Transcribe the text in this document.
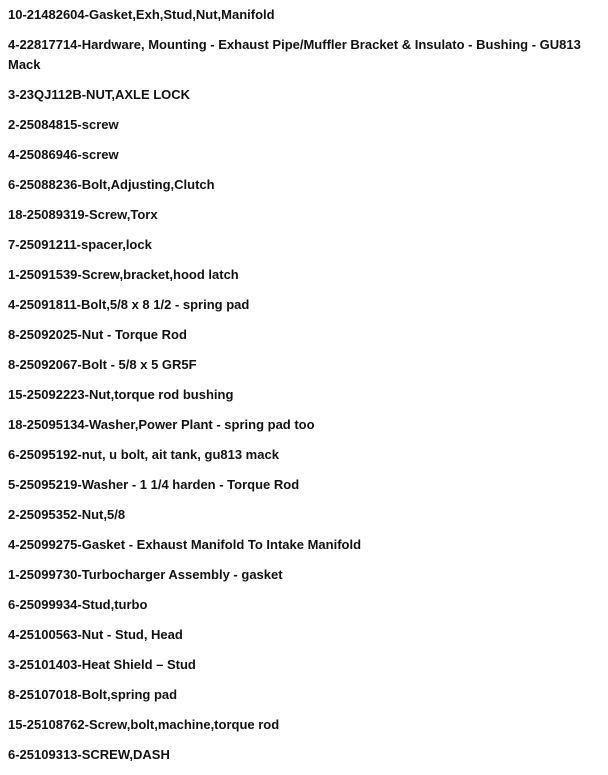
10-21482604-Gasket,Exh,Stud,Nut,Manifold
4-22817714-Hardware, Mounting - Exhaust Pipe/Muffler Bracket & Insulato - Bushing - GU813 Mack
3-23QJ112B-NUT,AXLE LOCK
2-25084815-screw
4-25086946-screw
6-25088236-Bolt,Adjusting,Clutch
18-25089319-Screw,Torx
7-25091211-spacer,lock
1-25091539-Screw,bracket,hood latch
4-25091811-Bolt,5/8 x 8 1/2 - spring pad
8-25092025-Nut - Torque Rod
8-25092067-Bolt - 5/8 x 5 GR5F
15-25092223-Nut,torque rod bushing
18-25095134-Washer,Power Plant - spring pad too
6-25095192-nut, u bolt, ait tank, gu813 mack
5-25095219-Washer - 1 1/4 harden - Torque Rod
2-25095352-Nut,5/8
4-25099275-Gasket - Exhaust Manifold To Intake Manifold
1-25099730-Turbocharger Assembly - gasket
6-25099934-Stud,turbo
4-25100563-Nut - Stud, Head
3-25101403-Heat Shield – Stud
8-25107018-Bolt,spring pad
15-25108762-Screw,bolt,machine,torque rod
6-25109313-SCREW,DASH
